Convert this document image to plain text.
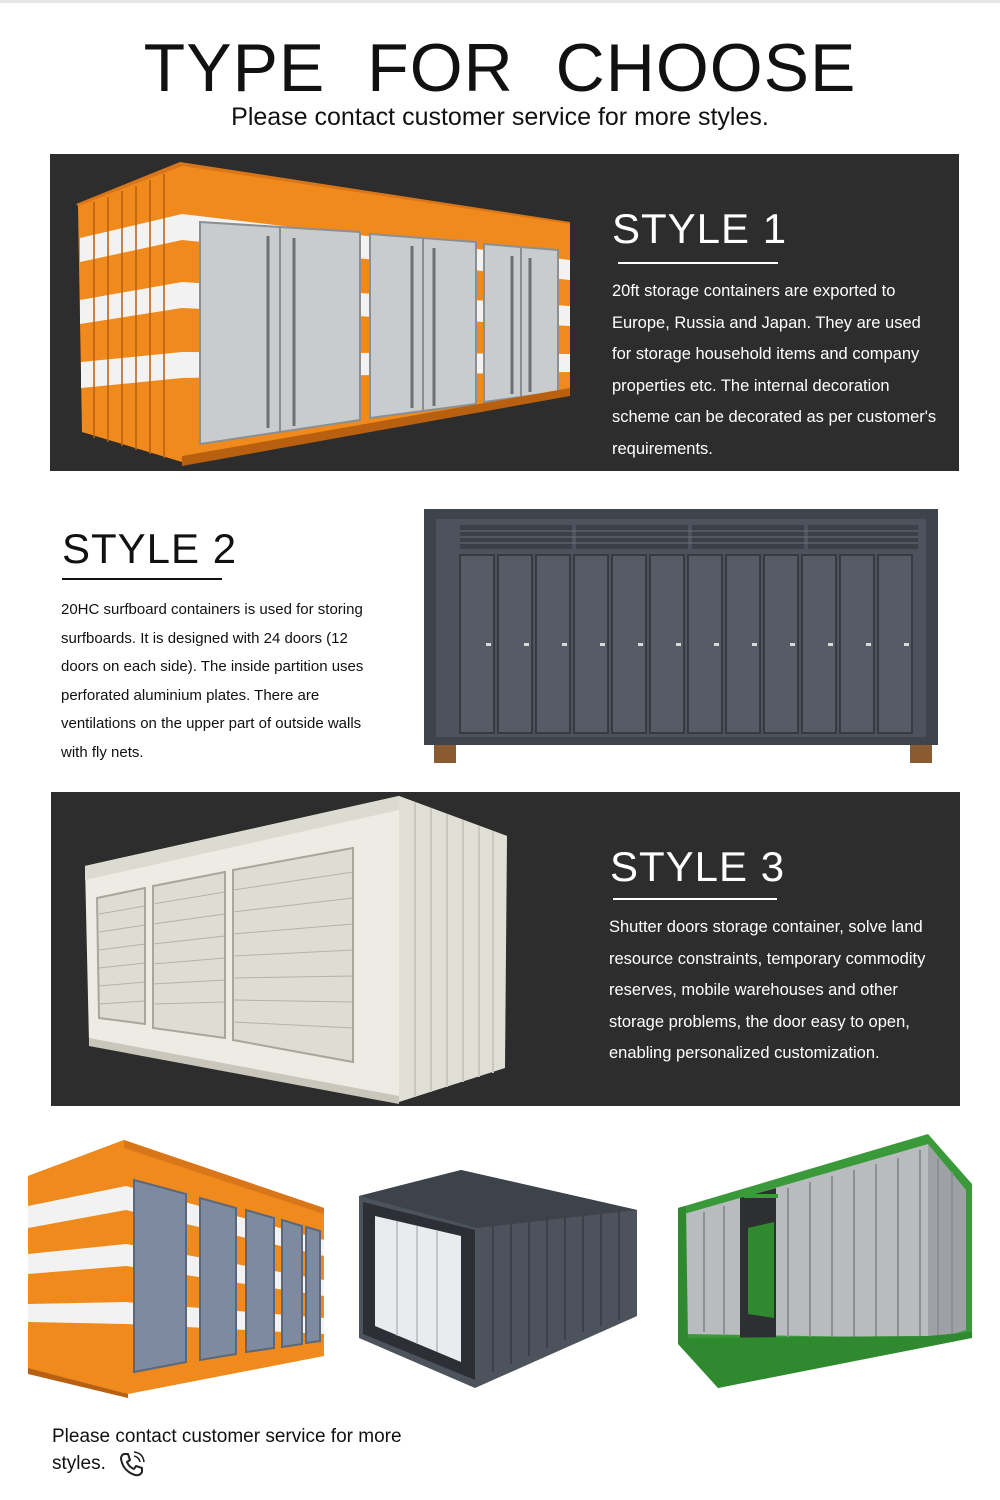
TYPE FOR CHOOSE

Please contact customer service for more styles.

STYLE 1

20ft storage containers are exported to Europe, Russia and Japan. They are used for storage household items and company properties etc. The internal decoration scheme can be decorated as per customer's requirements.

STYLE 2

20HC surfboard containers is used for storing surfboards. It is designed with 24 doors (12 doors on each side). The inside partition uses perforated aluminium plates. There are ventilations on the upper part of outside walls with fly nets.

STYLE 3

Shutter doors storage container, solve land resource constraints, temporary commodity reserves, mobile warehouses and other storage problems, the door easy to open, enabling personalized customization.

Please contact customer service for more styles.
